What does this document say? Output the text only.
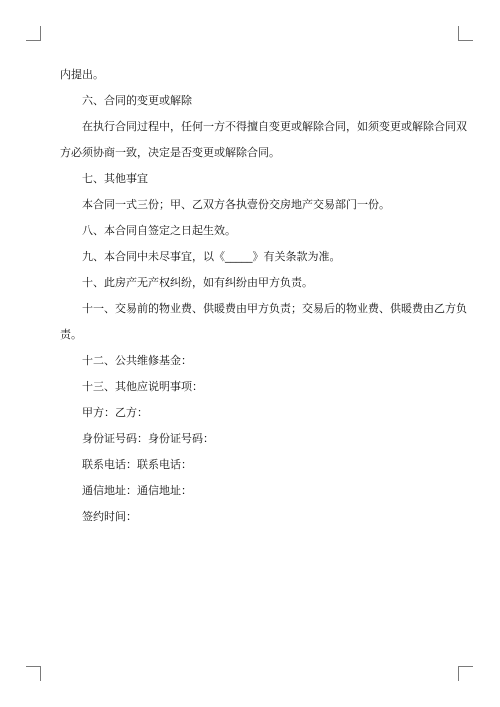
内提出。
六、合同的变更或解除
在执行合同过程中，任何一方不得擅自变更或解除合同，如须变更或解除合同双
方必须协商一致，决定是否变更或解除合同。
七、其他事宜
本合同一式三份；甲、乙双方各执壹份交房地产交易部门一份。
八、本合同自签定之日起生效。
九、本合同中未尽事宜，以《_____》有关条款为准。
十、此房产无产权纠纷，如有纠纷由甲方负责。
十一、交易前的物业费、供暖费由甲方负责；交易后的物业费、供暖费由乙方负
责。
十二、公共维修基金：
十三、其他应说明事项：
甲方：乙方：
身份证号码：身份证号码：
联系电话：联系电话：
通信地址：通信地址：
签约时间：
